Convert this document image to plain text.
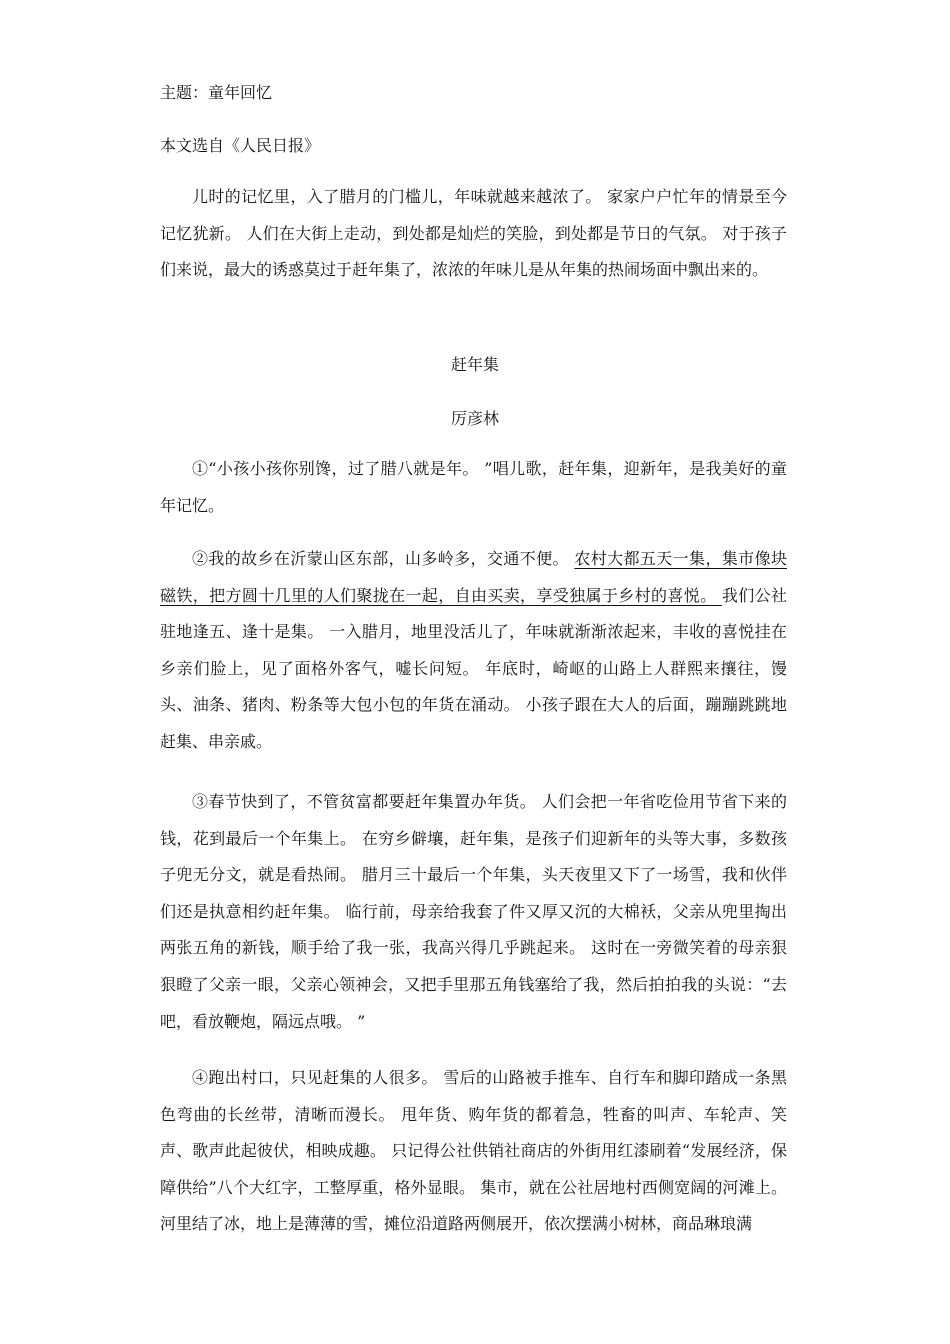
主题：童年回忆
本文选自《人民日报》
儿时的记忆里，入了腊月的门槛儿，年味就越来越浓了。 家家户户忙年的情景至今记忆犹新。 人们在大街上走动，到处都是灿烂的笑脸，到处都是节日的气氛。 对于孩子们来说，最大的诱惑莫过于赶年集了，浓浓的年味儿是从年集的热闹场面中飘出来的。
赶年集
厉彦林
①“小孩小孩你别馋，过了腊八就是年。 ”唱儿歌，赶年集，迎新年，是我美好的童年记忆。
②我的故乡在沂蒙山区东部，山多岭多，交通不便。 农村大都五天一集，集市像块磁铁，把方圆十几里的人们聚拢在一起，自由买卖，享受独属于乡村的喜悦。 我们公社驻地逢五、逢十是集。 一入腊月，地里没活儿了，年味就渐渐浓起来，丰收的喜悦挂在乡亲们脸上，见了面格外客气，嘘长问短。 年底时，崎岖的山路上人群熙来攘往，馒头、油条、猪肉、粉条等大包小包的年货在涌动。 小孩子跟在大人的后面，蹦蹦跳跳地赶集、串亲戚。
③春节快到了，不管贫富都要赶年集置办年货。 人们会把一年省吃俭用节省下来的钱，花到最后一个年集上。 在穷乡僻壤，赶年集，是孩子们迎新年的头等大事，多数孩子兜无分文，就是看热闹。 腊月三十最后一个年集，头天夜里又下了一场雪，我和伙伴们还是执意相约赶年集。 临行前，母亲给我套了件又厚又沉的大棉袄，父亲从兜里掏出两张五角的新钱，顺手给了我一张，我高兴得几乎跳起来。 这时在一旁微笑着的母亲狠狠瞪了父亲一眼，父亲心领神会，又把手里那五角钱塞给了我，然后拍拍我的头说：“去吧，看放鞭炮，隔远点哦。 ”
④跑出村口，只见赶集的人很多。 雪后的山路被手推车、自行车和脚印踏成一条黑色弯曲的长丝带，清晰而漫长。 甩年货、购年货的都着急，牲畜的叫声、车轮声、笑声、歌声此起彼伏，相映成趣。 只记得公社供销社商店的外街用红漆刷着“发展经济，保障供给”八个大红字，工整厚重，格外显眼。 集市，就在公社居地村西侧宽阔的河滩上。 河里结了冰，地上是薄薄的雪，摊位沿道路两侧展开，依次摆满小树林，商品琳琅满
